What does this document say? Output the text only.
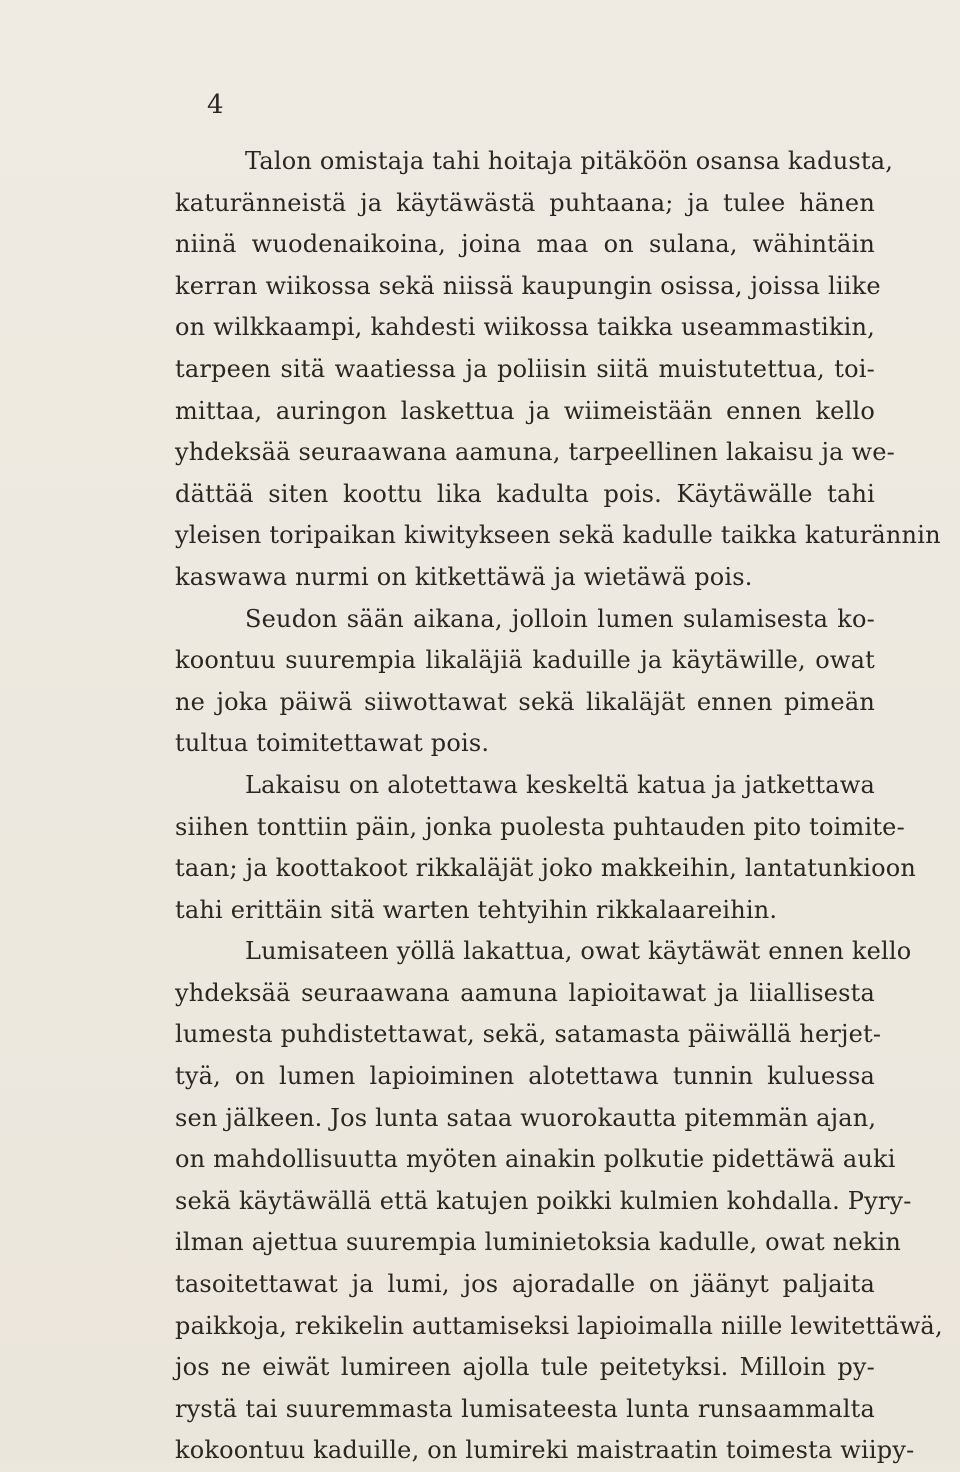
4
Talon omistaja tahi hoitaja pitäköön osansa kadusta,
katuränneistä ja käytäwästä puhtaana; ja tulee hänen
niinä wuodenaikoina, joina maa on sulana, wähintäin
kerran wiikossa sekä niissä kaupungin osissa, joissa liike
on wilkkaampi, kahdesti wiikossa taikka useammastikin,
tarpeen sitä waatiessa ja poliisin siitä muistutettua, toi-
mittaa, auringon laskettua ja wiimeistään ennen kello
yhdeksää seuraawana aamuna, tarpeellinen lakaisu ja we-
dättää siten koottu lika kadulta pois. Käytäwälle tahi
yleisen toripaikan kiwitykseen sekä kadulle taikka katurännin
kaswawa nurmi on kitkettäwä ja wietäwä pois.
Seudon sään aikana, jolloin lumen sulamisesta ko-
koontuu suurempia likaläjiä kaduille ja käytäwille, owat
ne joka päiwä siiwottawat sekä likaläjät ennen pimeän
tultua toimitettawat pois.
Lakaisu on alotettawa keskeltä katua ja jatkettawa
siihen tonttiin päin, jonka puolesta puhtauden pito toimite-
taan; ja koottakoot rikkaläjät joko makkeihin, lantatunkioon
tahi erittäin sitä warten tehtyihin rikkalaareihin.
Lumisateen yöllä lakattua, owat käytäwät ennen kello
yhdeksää seuraawana aamuna lapioitawat ja liiallisesta
lumesta puhdistettawat, sekä, satamasta päiwällä herjet-
tyä, on lumen lapioiminen alotettawa tunnin kuluessa
sen jälkeen. Jos lunta sataa wuorokautta pitemmän ajan,
on mahdollisuutta myöten ainakin polkutie pidettäwä auki
sekä käytäwällä että katujen poikki kulmien kohdalla. Pyry-
ilman ajettua suurempia luminietoksia kadulle, owat nekin
tasoitettawat ja lumi, jos ajoradalle on jäänyt paljaita
paikkoja, rekikelin auttamiseksi lapioimalla niille lewitettäwä,
jos ne eiwät lumireen ajolla tule peitetyksi. Milloin py-
rystä tai suuremmasta lumisateesta lunta runsaammalta
kokoontuu kaduille, on lumireki maistraatin toimesta wiipy-
